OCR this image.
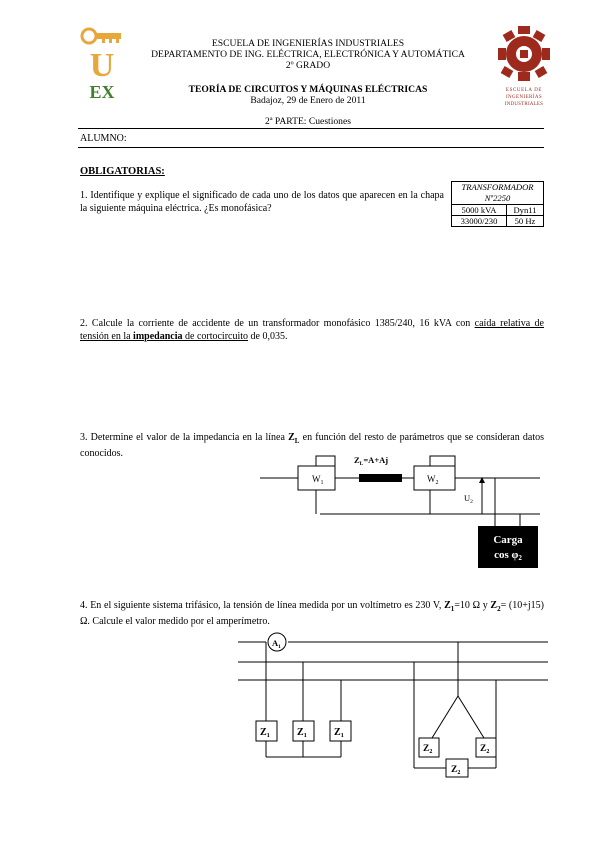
U
EX	ESCUELA DE
INGENIERÍAS
INDUSTRIALES
ESCUELA DE INGENIERÍAS INDUSTRIALES
DEPARTAMENTO DE ING. ELÉCTRICA, ELECTRÓNICA Y AUTOMÁTICA
2º GRADO
TEORÍA DE CIRCUITOS Y MÁQUINAS ELÉCTRICAS
Badajoz, 29 de Enero de 2011
2ª PARTE: Cuestiones
ALUMNO:
OBLIGATORIAS:
1. Identifique y explique el significado de cada uno de los datos que aparecen en la chapa la siguiente máquina eléctrica. ¿Es monofásica?
TRANSFORMADOR
Nº2250	
5000 kVA	Dyn11
33000/230	50 Hz
2. Calcule la corriente de accidente de un transformador monofásico 1385/240, 16 kVA con caída relativa de tensión en la impedancia de cortocircuito de 0,035.
3. Determine el valor de la impedancia en la línea $Z_L$ en función del resto de parámetros que se consideran datos conocidos.
$W_1$
$Z_L=A+Aj$
$W_2$
$U_2$
Carga
cos φ2
4. En el siguiente sistema trifásico, la tensión de línea medida por un voltímetro es 230 V, $Z_1=10$ Ω y $Z_2= (10+j15)$ Ω. Calcule el valor medido por el amperímetro.
$A_1$
$Z_1$	$Z_1$	$Z_1$
$Z_2$	$Z_2$
$Z_2$
